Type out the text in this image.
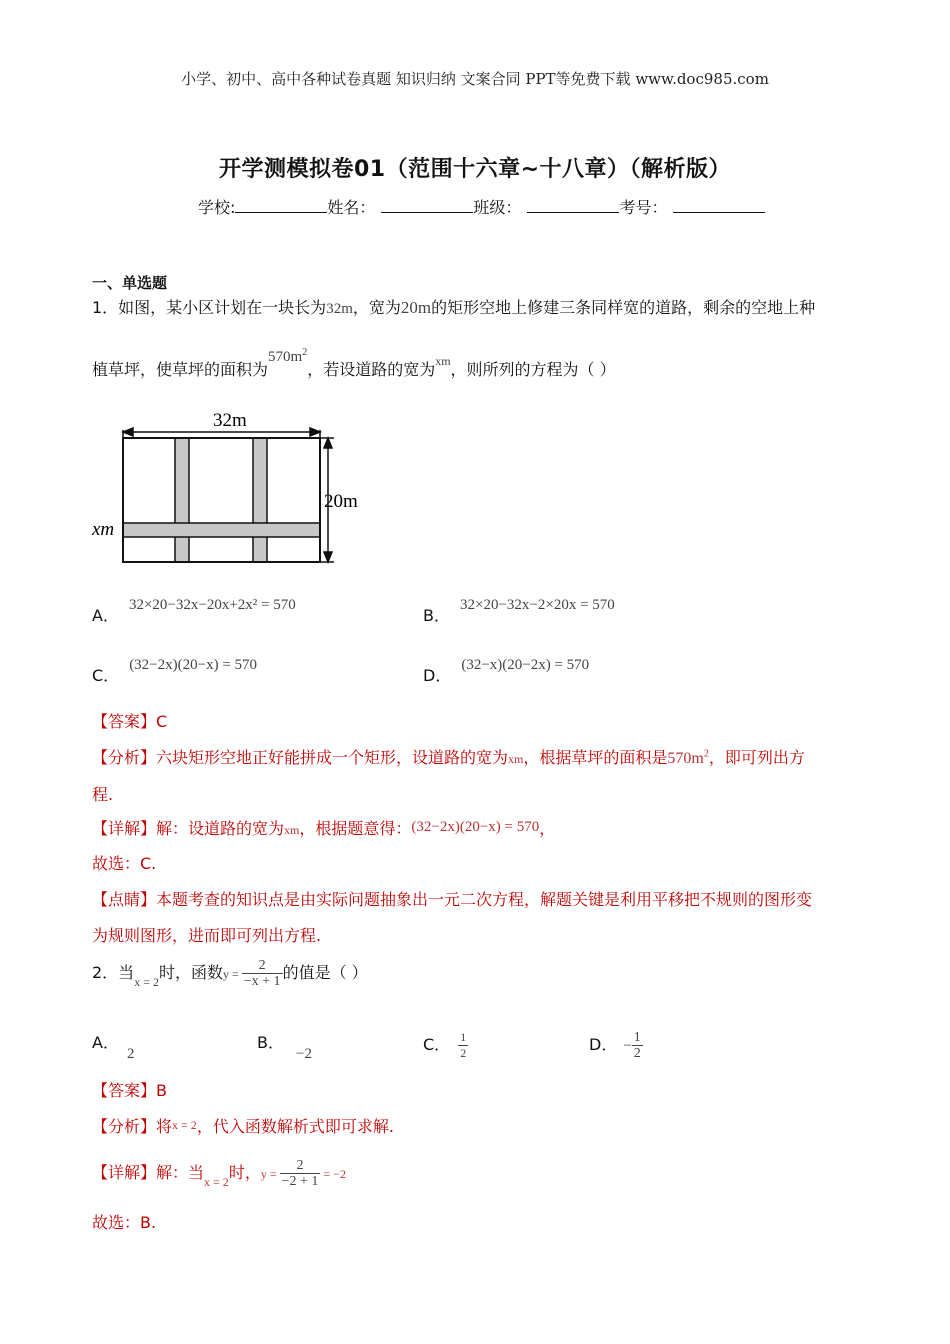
小学、初中、高中各种试卷真题 知识归纳 文案合同 PPT等免费下载 www.doc985.com
开学测模拟卷01（范围十六章~十八章）（解析版）
学校:	姓名：	班级：	考号：
一、单选题
1．如图，某小区计划在一块长为32m，宽为20m的矩形空地上修建三条同样宽的道路，剩余的空地上种
植草坪，使草坪的面积为$570m^2$，若设道路的宽为$^{xm}$，则所列的方程为（ ）
32m
20m
xm
A．32×20−32x−20x+2x² = 570
B．32×20−32x−2×20x = 570
C．(32−2x)(20−x) = 570
D．(32−x)(20−2x) = 570
【答案】C
【分析】六块矩形空地正好能拼成一个矩形，设道路的宽为xm，根据草坪的面积是$570m^2$，即可列出方
程.
【详解】解：设道路的宽为xm，根据题意得：(32−2x)(20−x) = 570，
故选：C.
【点睛】本题考查的知识点是由实际问题抽象出一元二次方程，解题关键是利用平移把不规则的图形变
为规则图形，进而即可列出方程.
2．当$_{x = 2}$时，函数$y = \frac{2}{-x + 1}$ 的值是（ ）
A．2
B．−2	C． $\frac{1}{2}$	D． − $\frac{1}{2}$
【答案】B
【分析】将x = 2，代入函数解析式即可求解.
【详解】解：当$_{x = 2}$时，$y = \frac{2}{-2 + 1} = -2$
故选：B.
